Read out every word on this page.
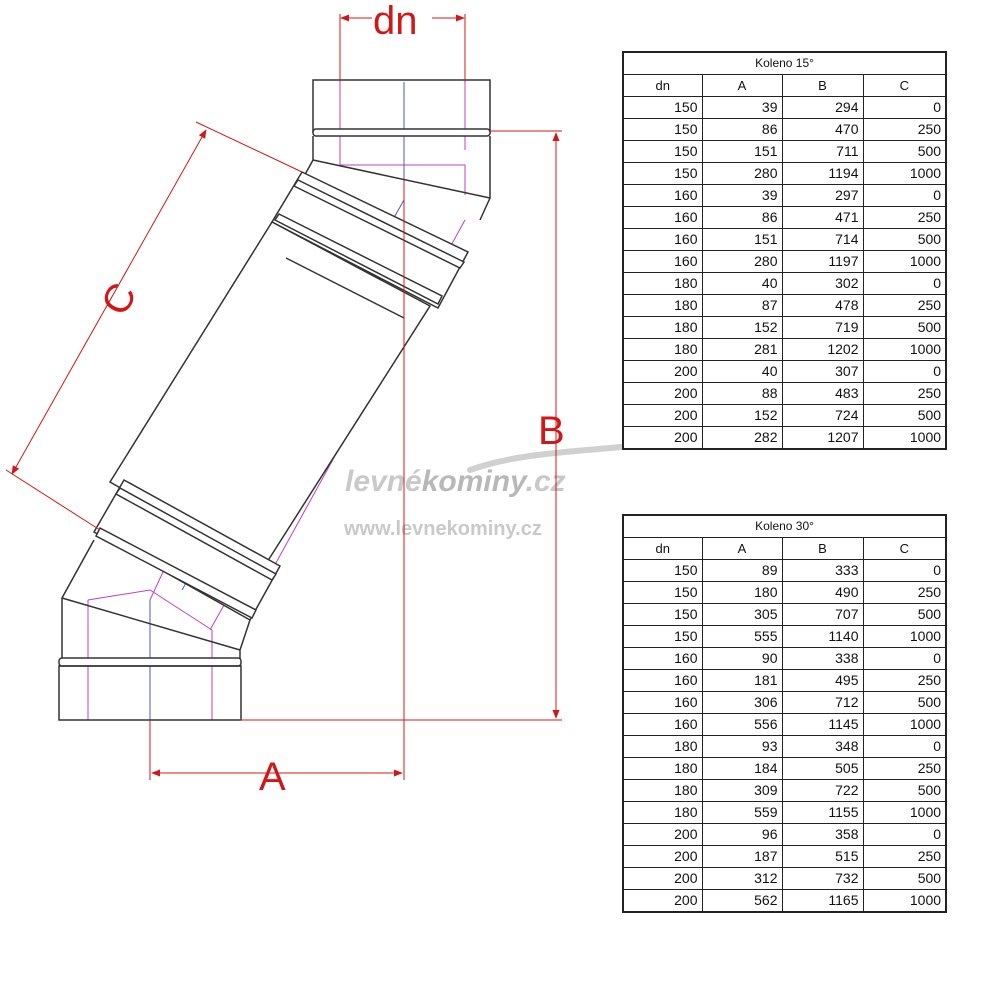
levnékominy.cz
www.levnekominy.cz
dn
B
A
C
Koleno 15°			
dn	A	B	C
150	39	294	0
150	86	470	250
150	151	711	500
150	280	1194	1000
160	39	297	0
160	86	471	250
160	151	714	500
160	280	1197	1000
180	40	302	0
180	87	478	250
180	152	719	500
180	281	1202	1000
200	40	307	0
200	88	483	250
200	152	724	500
200	282	1207	1000
Koleno 30°			
dn	A	B	C
150	89	333	0
150	180	490	250
150	305	707	500
150	555	1140	1000
160	90	338	0
160	181	495	250
160	306	712	500
160	556	1145	1000
180	93	348	0
180	184	505	250
180	309	722	500
180	559	1155	1000
200	96	358	0
200	187	515	250
200	312	732	500
200	562	1165	1000
